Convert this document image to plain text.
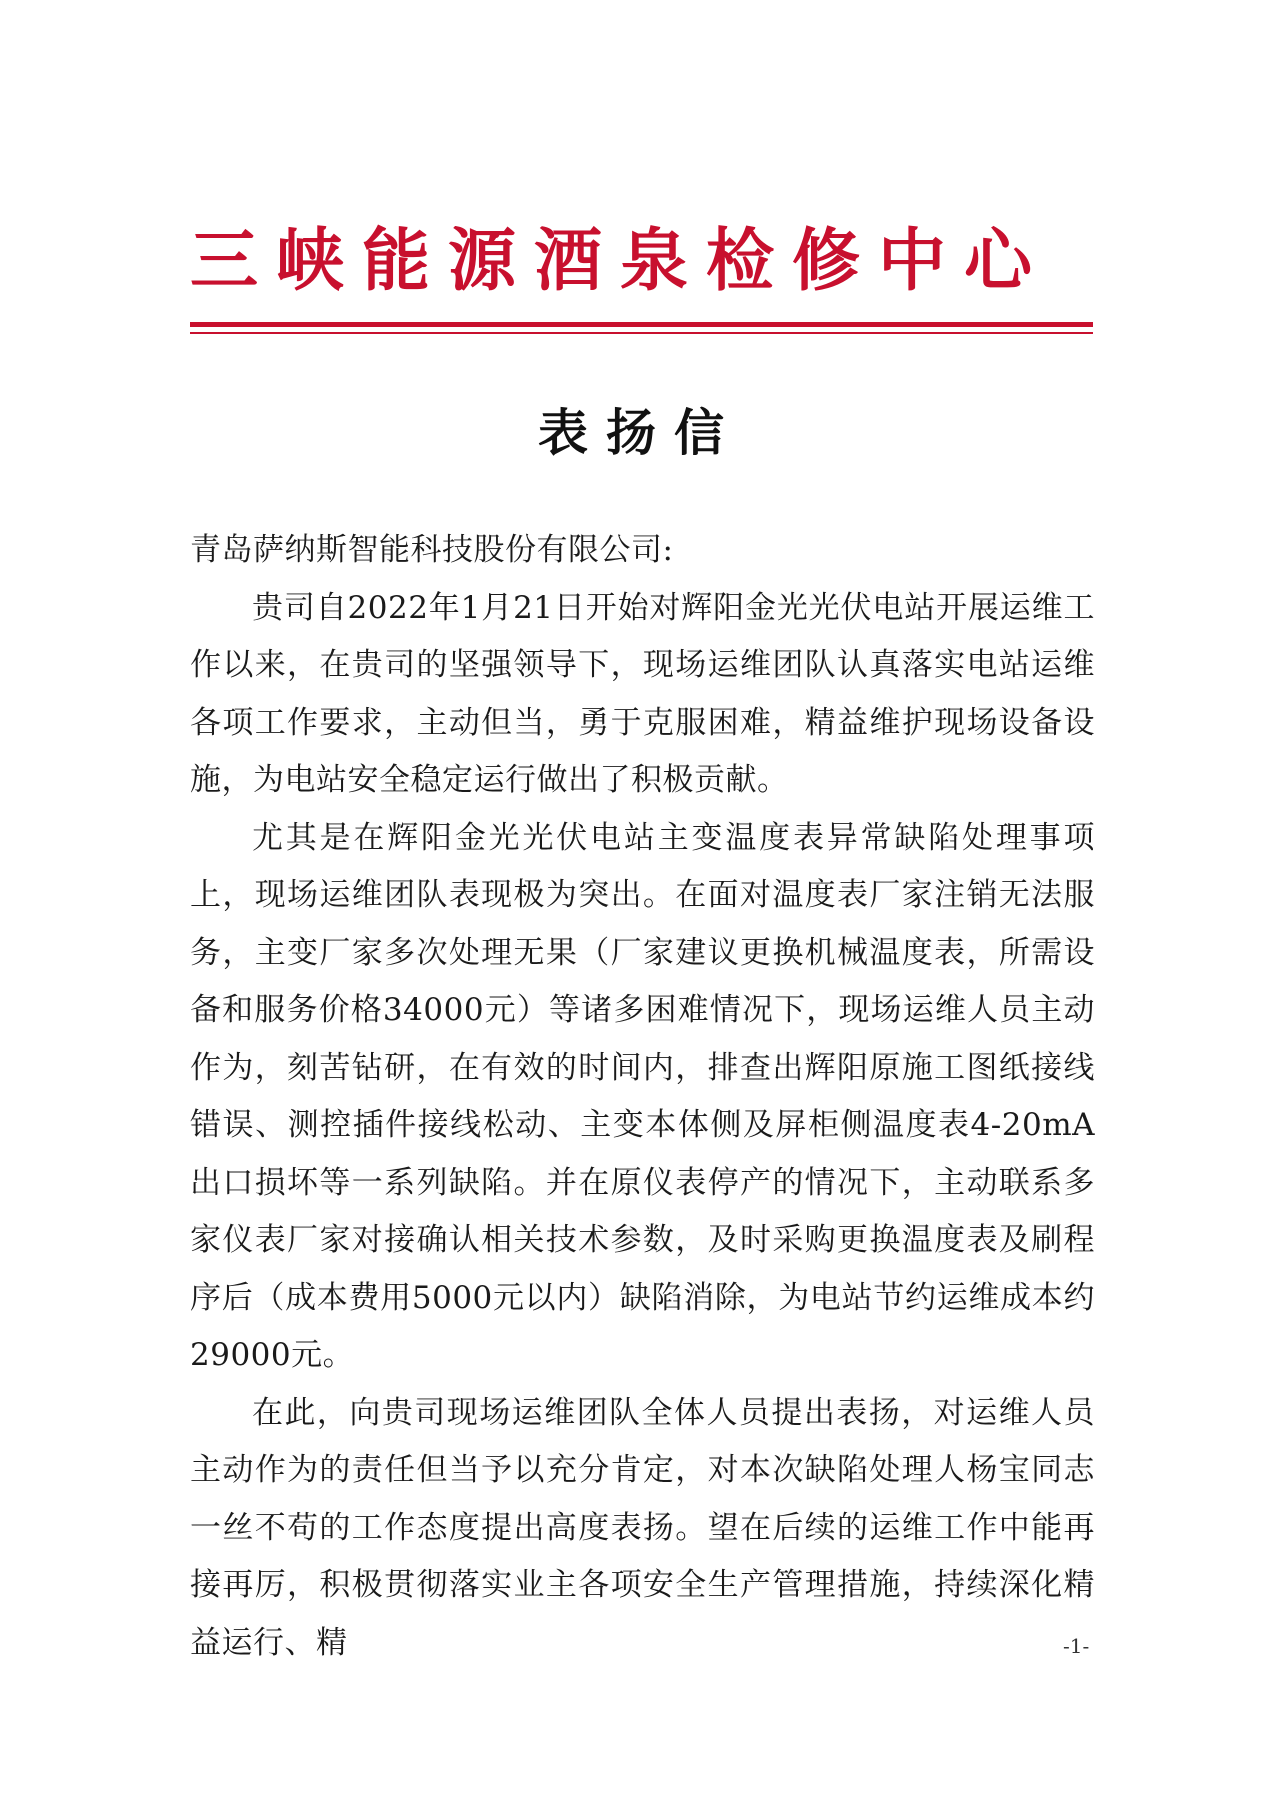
三峡能源酒泉检修中心
表扬信

青岛萨纳斯智能科技股份有限公司:

贵司自2022年1月21日开始对辉阳金光光伏电站开展运维工作以来，在贵司的坚强领导下，现场运维团队认真落实电站运维各项工作要求，主动但当，勇于克服困难，精益维护现场设备设施，为电站安全稳定运行做出了积极贡献。

尤其是在辉阳金光光伏电站主变温度表异常缺陷处理事项上，现场运维团队表现极为突出。在面对温度表厂家注销无法服务，主变厂家多次处理无果（厂家建议更换机械温度表，所需设备和服务价格34000元）等诸多困难情况下，现场运维人员主动作为，刻苦钻研，在有效的时间内，排查出辉阳原施工图纸接线错误、测控插件接线松动、主变本体侧及屏柜侧温度表4-20mA出口损坏等一系列缺陷。并在原仪表停产的情况下，主动联系多家仪表厂家对接确认相关技术参数，及时采购更换温度表及刷程序后（成本费用5000元以内）缺陷消除，为电站节约运维成本约29000元。

在此，向贵司现场运维团队全体人员提出表扬，对运维人员主动作为的责任但当予以充分肯定，对本次缺陷处理人杨宝同志一丝不苟的工作态度提出高度表扬。望在后续的运维工作中能再接再厉，积极贯彻落实业主各项安全生产管理措施，持续深化精益运行、精	-1-
